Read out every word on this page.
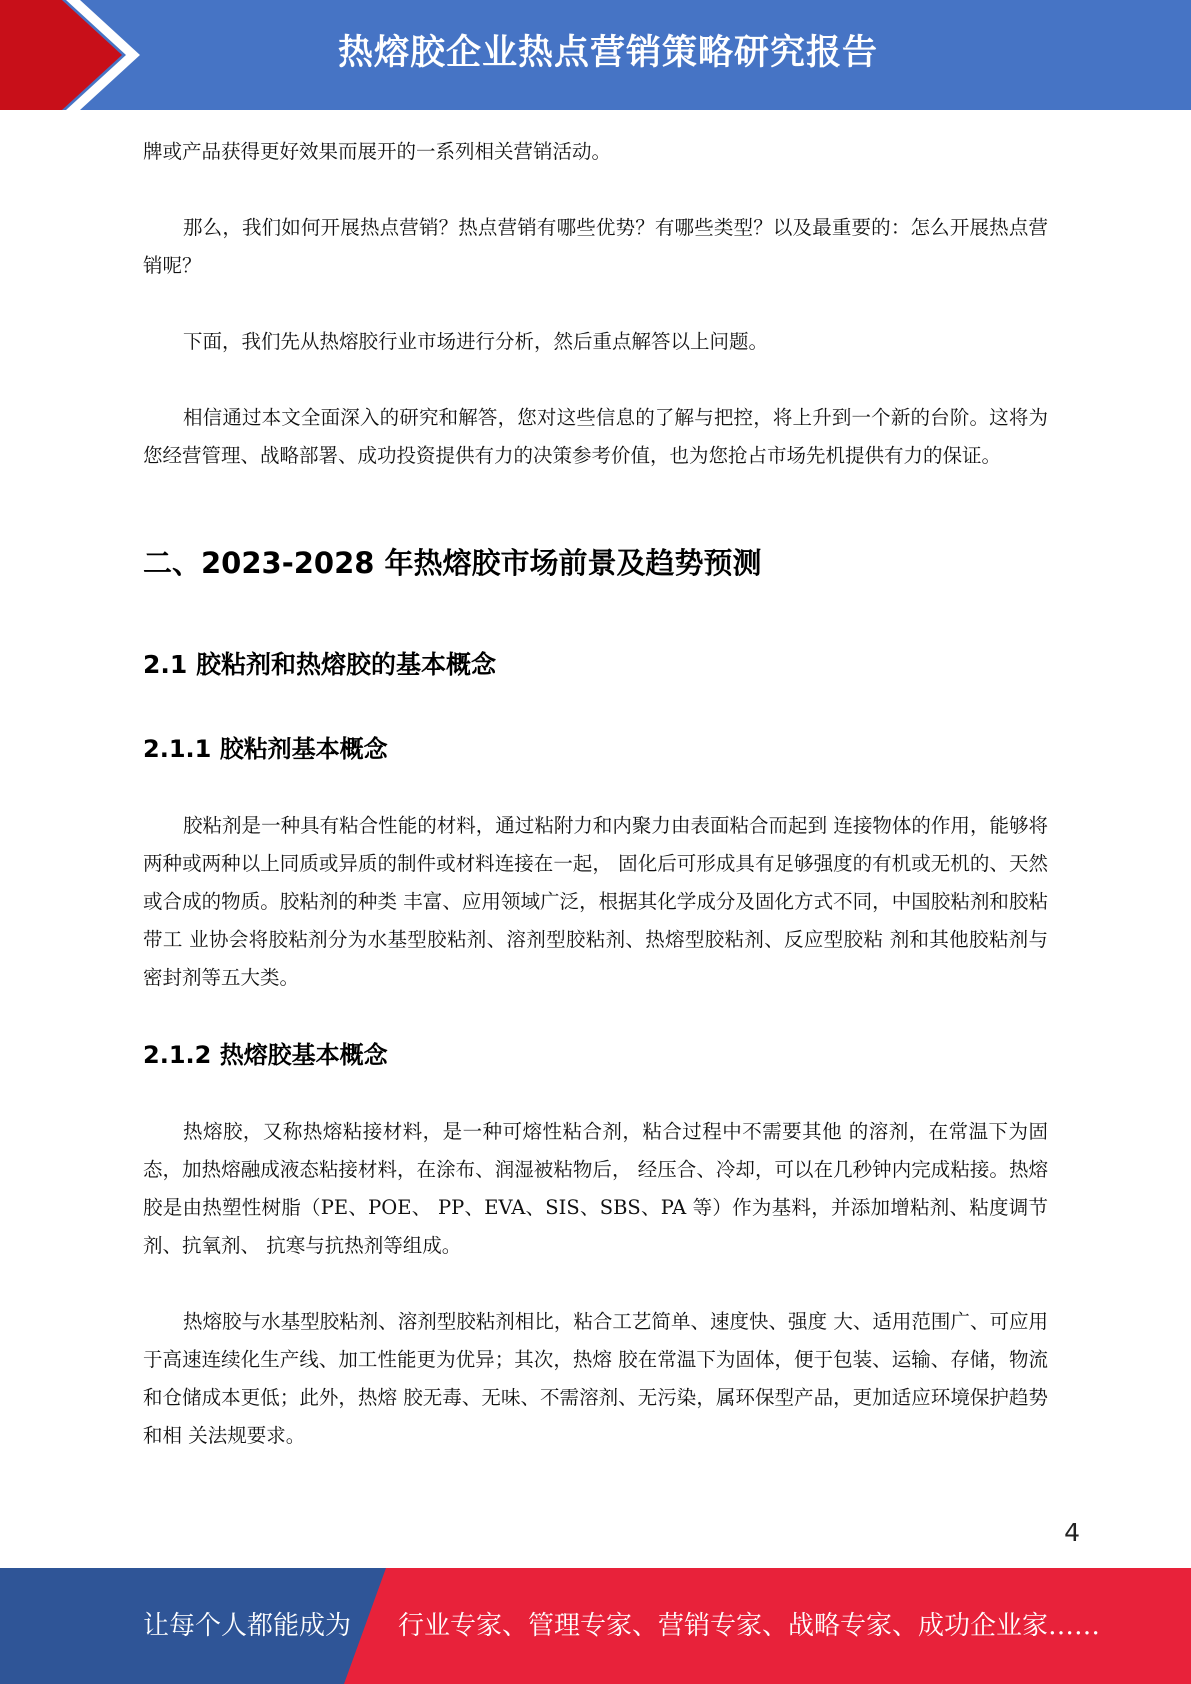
热熔胶企业热点营销策略研究报告

牌或产品获得更好效果而展开的一系列相关营销活动。

那么，我们如何开展热点营销？热点营销有哪些优势？有哪些类型？以及最重要的：怎么开展热点营销呢？

下面，我们先从热熔胶行业市场进行分析，然后重点解答以上问题。

相信通过本文全面深入的研究和解答，您对这些信息的了解与把控，将上升到一个新的台阶。这将为您经营管理、战略部署、成功投资提供有力的决策参考价值，也为您抢占市场先机提供有力的保证。

二、2023-2028 年热熔胶市场前景及趋势预测
2.1 胶粘剂和热熔胶的基本概念
2.1.1 胶粘剂基本概念

胶粘剂是一种具有粘合性能的材料，通过粘附力和内聚力由表面粘合而起到 连接物体的作用，能够将两种或两种以上同质或异质的制件或材料连接在一起， 固化后可形成具有足够强度的有机或无机的、天然或合成的物质。胶粘剂的种类 丰富、应用领域广泛，根据其化学成分及固化方式不同，中国胶粘剂和胶粘带工 业协会将胶粘剂分为水基型胶粘剂、溶剂型胶粘剂、热熔型胶粘剂、反应型胶粘 剂和其他胶粘剂与密封剂等五大类。

2.1.2 热熔胶基本概念

热熔胶，又称热熔粘接材料，是一种可熔性粘合剂，粘合过程中不需要其他 的溶剂，在常温下为固态，加热熔融成液态粘接材料，在涂布、润湿被粘物后， 经压合、冷却，可以在几秒钟内完成粘接。热熔胶是由热塑性树脂（PE、POE、 PP、EVA、SIS、SBS、PA 等）作为基料，并添加增粘剂、粘度调节剂、抗氧剂、 抗寒与抗热剂等组成。

热熔胶与水基型胶粘剂、溶剂型胶粘剂相比，粘合工艺简单、速度快、强度 大、适用范围广、可应用于高速连续化生产线、加工性能更为优异；其次，热熔 胶在常温下为固体，便于包装、运输、存储，物流和仓储成本更低；此外，热熔 胶无毒、无味、不需溶剂、无污染，属环保型产品，更加适应环境保护趋势和相 关法规要求。

4
让每个人都能成为 行业专家、管理专家、营销专家、战略专家、成功企业家……
